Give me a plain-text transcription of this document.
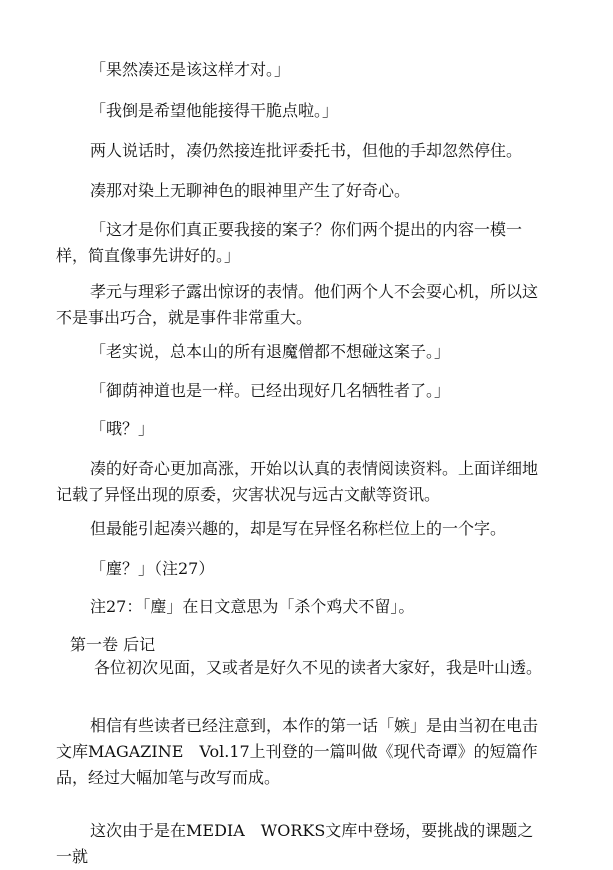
「果然凑还是该这样才对。」

「我倒是希望他能接得干脆点啦。」

两人说话时，凑仍然接连批评委托书，但他的手却忽然停住。

凑那对染上无聊神色的眼神里产生了好奇心。

「这才是你们真正要我接的案子？你们两个提出的内容一模一样，简直像事先讲好的。」

孝元与理彩子露出惊讶的表情。他们两个人不会耍心机，所以这不是事出巧合，就是事件非常重大。

「老实说，总本山的所有退魔僧都不想碰这案子。」

「御荫神道也是一样。已经出现好几名牺牲者了。」

「哦？」

凑的好奇心更加高涨，开始以认真的表情阅读资料。上面详细地记载了异怪出现的原委，灾害状况与远古文献等资讯。

但最能引起凑兴趣的，却是写在异怪名称栏位上的一个字。

「麈？」（注27）

注27：「麈」在日文意思为「杀个鸡犬不留」。

第一卷 后记

各位初次见面，又或者是好久不见的读者大家好，我是叶山透。

相信有些读者已经注意到，本作的第一话「嫉」是由当初在电击文库MAGAZINE　Vol.17上刊登的一篇叫做《现代奇谭》的短篇作品，经过大幅加笔与改写而成。

这次由于是在MEDIA　WORKS文库中登场，要挑战的课题之一就
